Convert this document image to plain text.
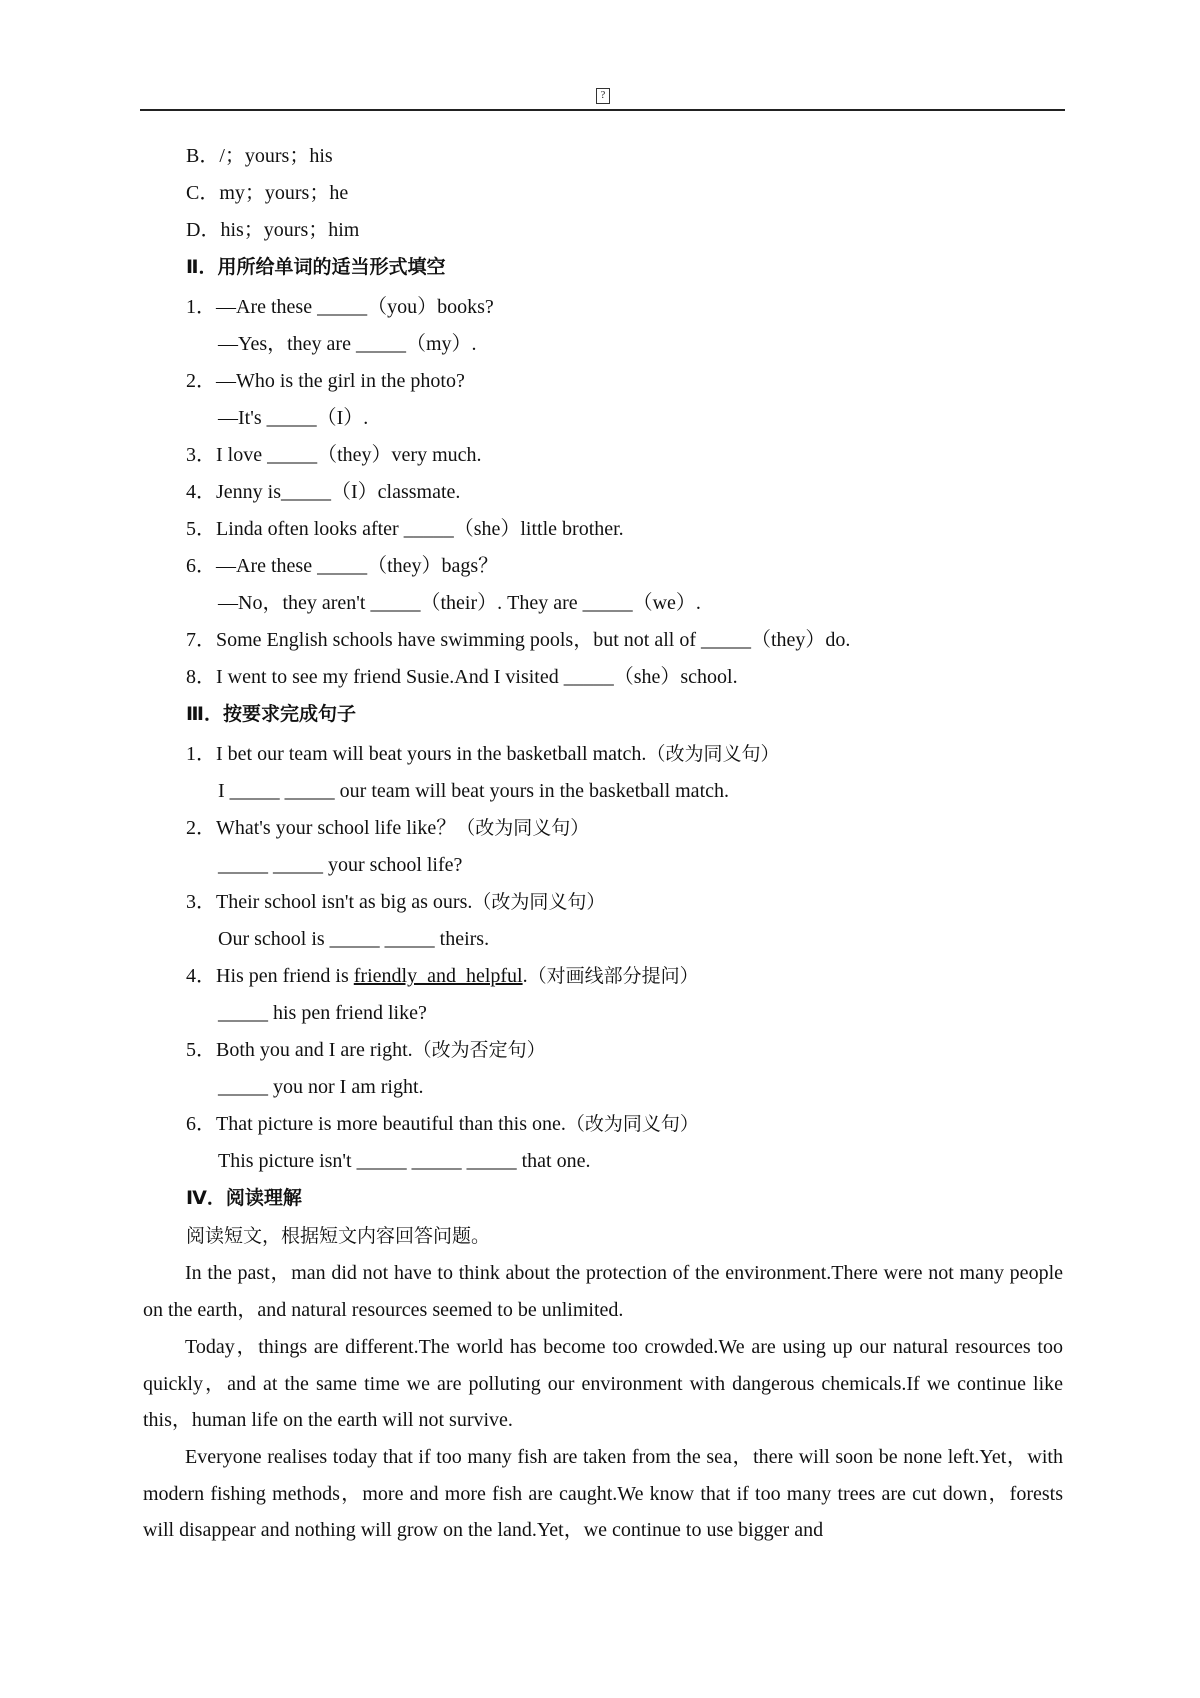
?
B．/；yours；his
C．my；yours；he
D．his；yours；him
Ⅱ．用所给单词的适当形式填空
1．—Are these _____（you）books?
—Yes，they are _____（my）.
2．—Who is the girl in the photo?
—It's _____（I）.
3．I love _____（they）very much.
4．Jenny is_____（I）classmate.
5．Linda often looks after _____（she）little brother.
6．—Are these _____（they）bags？
—No，they aren't _____（their）. They are _____（we）.
7．Some English schools have swimming pools，but not all of _____（they）do.
8．I went to see my friend Susie.And I visited _____（she）school.
Ⅲ．按要求完成句子
1．I bet our team will beat yours in the basketball match.（改为同义句）
I _____ _____ our team will beat yours in the basketball match.
2．What's your school life like？（改为同义句）
_____ _____ your school life?
3．Their school isn't as big as ours.（改为同义句）
Our school is _____ _____ theirs.
4．His pen friend is friendly_and_helpful.（对画线部分提问）
_____ his pen friend like?
5．Both you and I are right.（改为否定句）
_____ you nor I am right.
6．That picture is more beautiful than this one.（改为同义句）
This picture isn't _____ _____ _____ that one.
Ⅳ．阅读理解
阅读短文，根据短文内容回答问题。
In the past，man did not have to think about the protection of the environment.There were not many people on the earth，and natural resources seemed to be unlimited.
Today，things are different.The world has become too crowded.We are using up our natural resources too quickly，and at the same time we are polluting our environment with dangerous chemicals.If we continue like this，human life on the earth will not survive.
Everyone realises today that if too many fish are taken from the sea，there will soon be none left.Yet，with modern fishing methods，more and more fish are caught.We know that if too many trees are cut down，forests will disappear and nothing will grow on the land.Yet，we continue to use bigger and
